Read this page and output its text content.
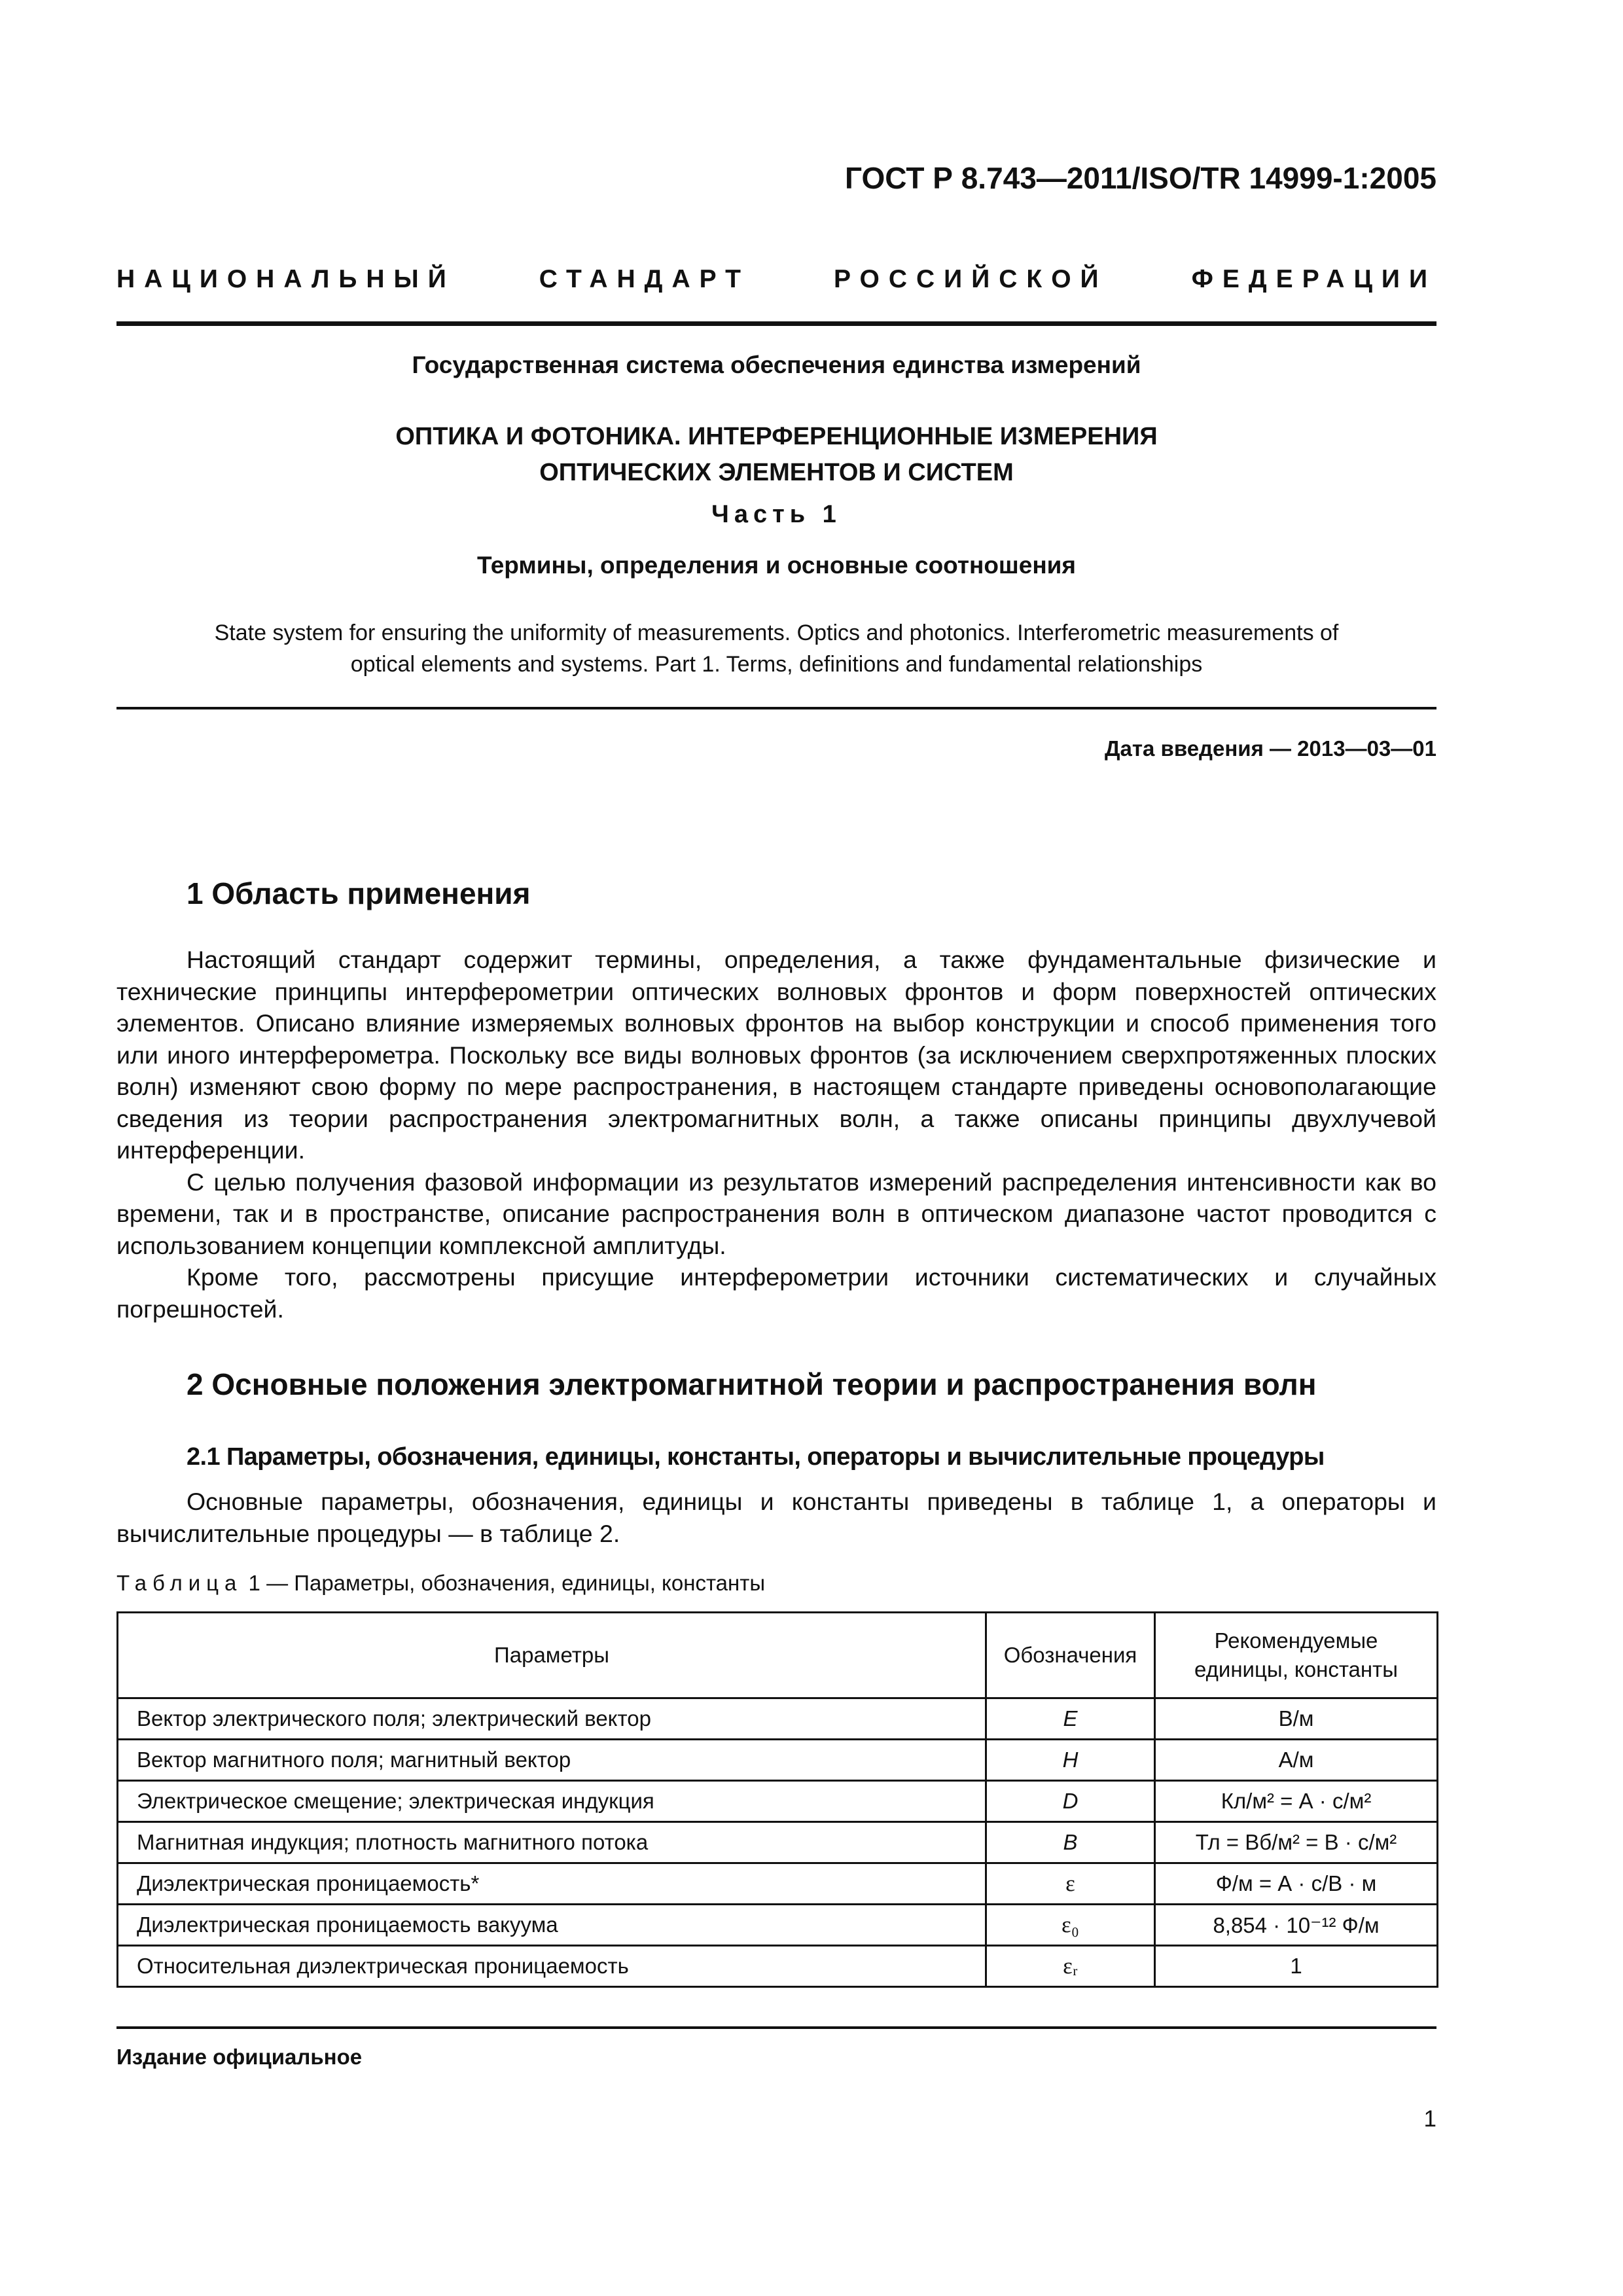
ГОСТ Р 8.743—2011/ISO/TR 14999-1:2005
НАЦИОНАЛЬНЫЙ	СТАНДАРТ	РОССИЙСКОЙ	ФЕДЕРАЦИИ
Государственная система обеспечения единства измерений
ОПТИКА И ФОТОНИКА. ИНТЕРФЕРЕНЦИОННЫЕ ИЗМЕРЕНИЯ
ОПТИЧЕСКИХ ЭЛЕМЕНТОВ И СИСТЕМ
Часть 1
Термины, определения и основные соотношения
State system for ensuring the uniformity of measurements. Optics and photonics. Interferometric measurements of
optical elements and systems. Part 1. Terms, definitions and fundamental relationships
Дата введения — 2013—03—01
1 Область применения

Настоящий стандарт содержит термины, определения, а также фундаментальные физические и технические принципы интерферометрии оптических волновых фронтов и форм поверхностей оптических элементов. Описано влияние измеряемых волновых фронтов на выбор конструкции и способ применения того или иного интерферометра. Поскольку все виды волновых фронтов (за исключением сверхпротяженных плоских волн) изменяют свою форму по мере распространения, в настоящем стандарте приведены основополагающие сведения из теории распространения электромагнитных волн, а также описаны принципы двухлучевой интерференции.

С целью получения фазовой информации из результатов измерений распределения интенсивности как во времени, так и в пространстве, описание распространения волн в оптическом диапазоне частот проводится с использованием концепции комплексной амплитуды.

Кроме того, рассмотрены присущие интерферометрии источники систематических и случайных погрешностей.

2 Основные положения электромагнитной теории и распространения волн
2.1 Параметры, обозначения, единицы, константы, операторы и вычислительные процедуры

Основные параметры, обозначения, единицы и константы приведены в таблице 1, а операторы и вычислительные процедуры — в таблице 2.

Таблица 1 — Параметры, обозначения, единицы, константы
Параметры	Обозначения	Рекомендуемые
единицы, константы

Вектор электрического поля; электрический вектор	E	В/м
Вектор магнитного поля; магнитный вектор	H	А/м
Электрическое смещение; электрическая индукция	D	Кл/м² = А · с/м²
Магнитная индукция; плотность магнитного потока	B	Тл = Вб/м² = В · с/м²
Диэлектрическая проницаемость*	ε	Ф/м = А · с/В · м
Диэлектрическая проницаемость вакуума	ε₀	8,854 · 10⁻¹² Ф/м
Относительная диэлектрическая проницаемость	εᵣ	1
Издание официальное
1
